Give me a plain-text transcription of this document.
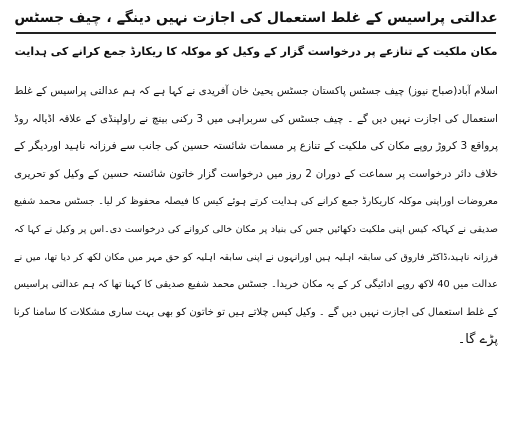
عدالتی پراسیس کے غلط استعمال کی اجازت نہیں دینگے ، چیف جسٹس
مکان ملکیت کے تنازعے پر درخواست گزار کے وکیل کو موکلہ کا ریکارڈ جمع کرانے کی ہدایت
اسلام آباد(صباح نیوز) چیف جسٹس پاکستان جسٹس یحییٰ خان آفریدی نے کہا ہے کہ ہم عدالتی پراسیس کے غلط
استعمال کی اجازت نہیں دیں گے ۔ چیف جسٹس کی سربراہی میں 3 رکنی بینچ نے راولپنڈی کے علاقہ اڈیالہ روڈ
پرواقع 3 کروڑ روپے مکان کی ملکیت کے تنازع پر مسمات شائستہ حسین کی جانب سے فرزانہ ناہید اوردیگر کے
خلاف دائر درخواست پر سماعت کے دوران 2 روز میں درخواست گزار خاتون شائستہ حسین کے وکیل کو تحریری
معروضات اوراپنی موکلہ کاریکارڈ جمع کرانے کی ہدایت کرتے ہوئے کیس کا فیصلہ محفوظ کر لیا۔ جسٹس محمد شفیع
صدیقی نے کہاکہ کیس اپنی ملکیت دکھائیں جس کی بنیاد پر مکان خالی کروانے کی درخواست دی۔اس پر وکیل نے کہا کہ
فرزانہ ناہید،ڈاکٹر فاروق کی سابقہ اہلیہ ہیں اورانہوں نے اپنی سابقہ اہلیہ کو حق مہر میں مکان لکھ کر دیا تھا، میں نے
عدالت میں 40 لاکھ روپے ادائیگی کر کے یہ مکان خریدا۔ جسٹس محمد شفیع صدیقی کا کہنا تھا کہ ہم عدالتی پراسیس
کے غلط استعمال کی اجازت نہیں دیں گے ۔ وکیل کیس چلاتے ہیں تو خاتون کو بھی بہت ساری مشکلات کا سامنا کرنا
پڑے گا۔
